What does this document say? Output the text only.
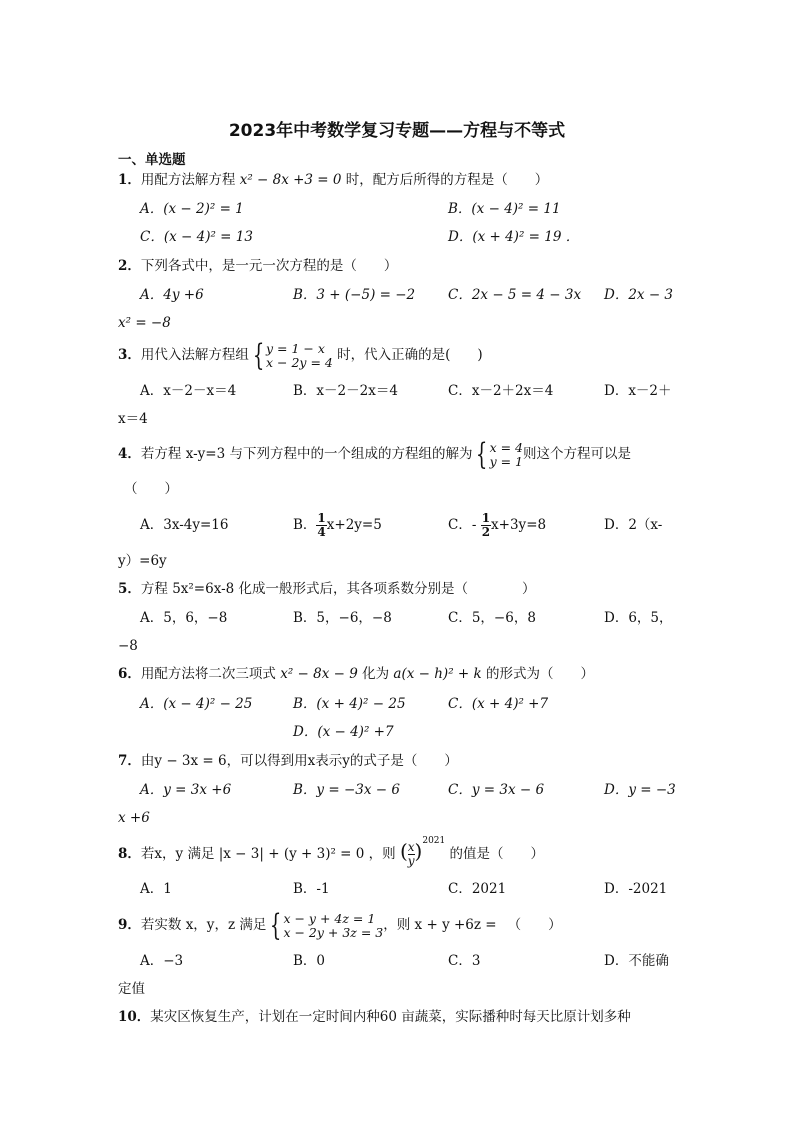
2023年中考数学复习专题——方程与不等式
一、单选题
1．用配方法解方程 x² − 8x +3 = 0 时，配方后所得的方程是（　　）
A．(x − 2)² = 1	B．(x − 4)² = 11
C．(x − 4)² = 13	D．(x + 4)² = 19 ．
2．下列各式中，是一元一次方程的是（　　）
A．4y +6	B．3 + (−5) = −2 C．2x − 5 = 4 − 3x D．2x − 3
x² = −8
3．用代入法解方程组 { y = 1 − x
x − 2y = 4 时，代入正确的是(　　)
A．x－2－x＝4	B．x－2－2x＝4	C．x－2＋2x＝4	D．x－2＋
x＝4
4．若方程 x-y=3 与下列方程中的一个组成的方程组的解为 { x = 4
y = 1 则这个方程可以是
（　　）
A．3x-4y=16	B． $\frac{1}{4} x+2y=5$	C．- $\frac{1}{2} x+3y=8$	D．2（x-
y）=6y
5．方程 5x²=6x-8 化成一般形式后，其各项系数分别是（　　　　）
A．5，6，−8	B．5，−6，−8	C．5，−6，8	D．6，5，
−8
6．用配方法将二次三项式 x² − 8x − 9 化为 a(x − h)² + k 的形式为（　　）
A．(x − 4)² − 25	B．(x + 4)² − 25	C．(x + 4)² +7
D．(x − 4)² +7
7．由y − 3x = 6，可以得到用x表示y的式子是（　　）
A．y = 3x +6	B．y = −3x − 6	C．y = 3x − 6	D．y = −3
x +6
8．若x，y 满足 |x − 3| + (y + 3)² = 0 ，则 ( $\frac{x}{y} )^{2021}$ 的值是（　　）
A．1	B．-1	C．2021	D．-2021
9．若实数 x，y，z 满足 { x − y + 4z = 1
x − 2y + 3z = 3 ，则 x + y +6z = 　（　　）
A．−3	B．0	C．3	D．不能确
定值
10．某灾区恢复生产，计划在一定时间内种60 亩蔬菜，实际播种时每天比原计划多种
